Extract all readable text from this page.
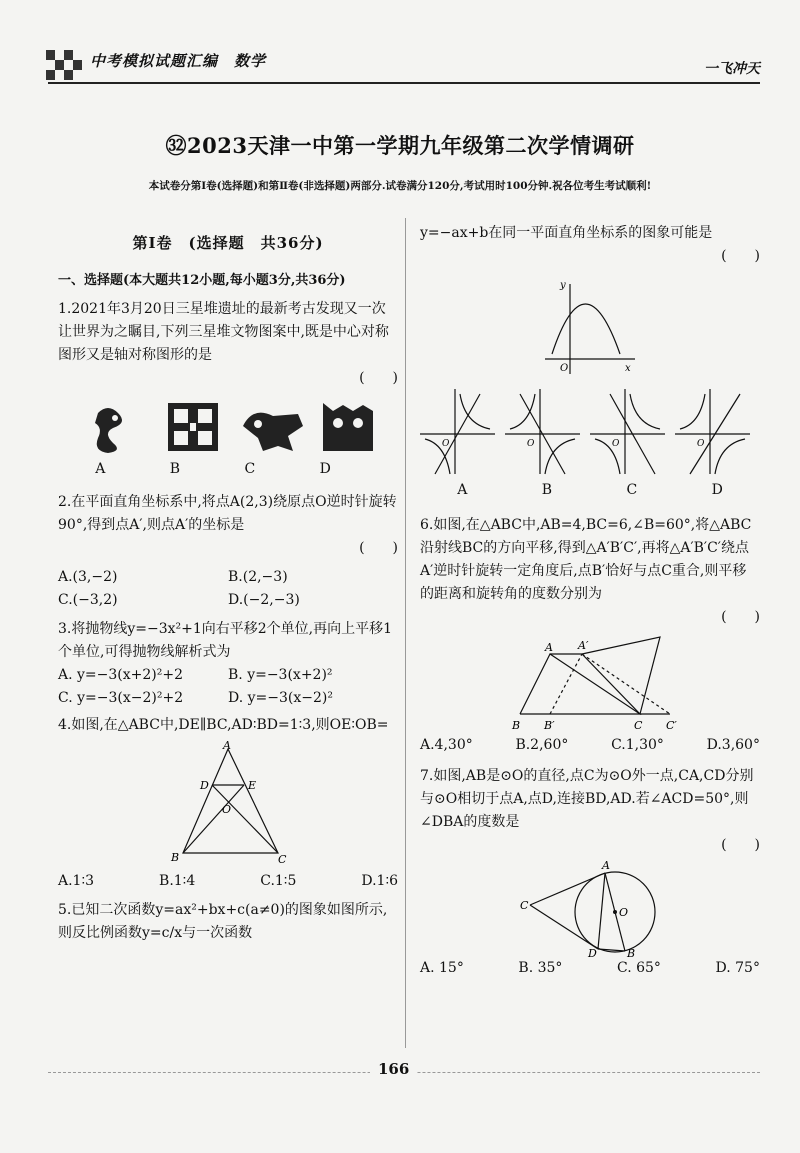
中考模拟试题汇编　数学	一飞冲天
㉜2023天津一中第一学期九年级第二次学情调研
本试卷分第Ⅰ卷(选择题)和第Ⅱ卷(非选择题)两部分.试卷满分120分,考试用时100分钟.祝各位考生考试顺利!
第Ⅰ卷　(选择题　共36分)
一、选择题(本大题共12小题,每小题3分,共36分)
1.2021年3月20日三星堆遗址的最新考古发现又一次让世界为之瞩目,下列三星堆文物图案中,既是中心对称图形又是轴对称图形的是
(　　)
A	B	C	D
2.在平面直角坐标系中,将点A(2,3)绕原点O逆时针旋转90°,得到点A′,则点A′的坐标是
(　　)
A.(3,−2)	B.(2,−3)
C.(−3,2)	D.(−2,−3)
3.将抛物线y=−3x²+1向右平移2个单位,再向上平移1个单位,可得抛物线解析式为
A. y=−3(x+2)²+2	B. y=−3(x+2)²
C. y=−3(x−2)²+2	D. y=−3(x−2)²
4.如图,在△ABC中,DE∥BC,AD∶BD=1∶3,则OE∶OB=
A
D	E
O
B	C
A.1∶3	B.1∶4	C.1∶5	D.1∶6
5.已知二次函数y=ax²+bx+c(a≠0)的图象如图所示,则反比例函数y=c/x与一次函数
y=−ax+b在同一平面直角坐标系的图象可能是
(　　)
x
y
O
O	O	O	O
A	B	C	D
6.如图,在△ABC中,AB=4,BC=6,∠B=60°,将△ABC沿射线BC的方向平移,得到△A′B′C′,再将△A′B′C′绕点A′逆时针旋转一定角度后,点B′恰好与点C重合,则平移的距离和旋转角的度数分别为
(　　)
A A′
B B′	C C′
A.4,30°	B.2,60°	C.1,30°	D.3,60°
7.如图,AB是⊙O的直径,点C为⊙O外一点,CA,CD分别与⊙O相切于点A,点D,连接BD,AD.若∠ACD=50°,则∠DBA的度数是
(　　)
A
C
O
D	B
A. 15°	B. 35°	C. 65°	D. 75°
166
